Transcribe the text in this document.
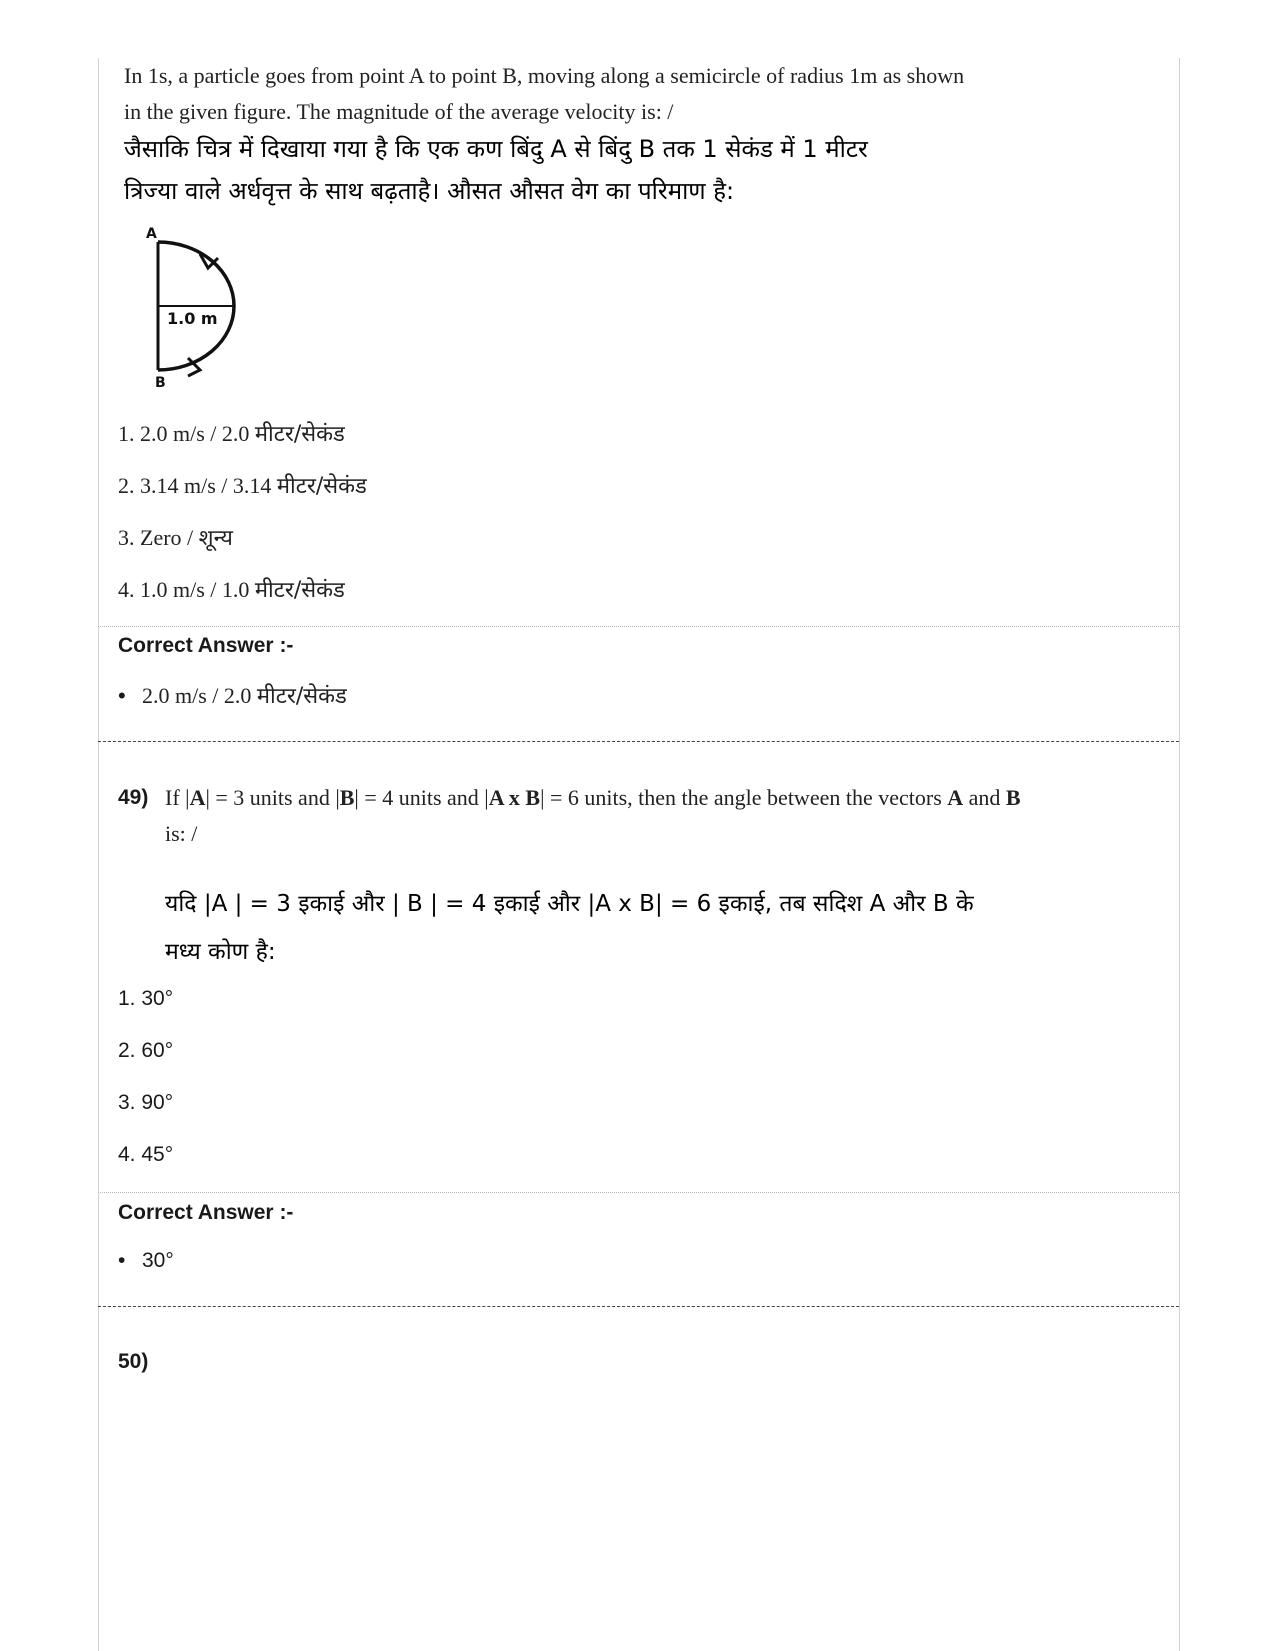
In 1s, a particle goes from point A to point B, moving along a semicircle of radius 1m as shown
in the given figure. The magnitude of the average velocity is: /
जैसाकि चित्र में दिखाया गया है कि एक कण बिंदु A से बिंदु B तक 1 सेकंड में 1 मीटर
त्रिज्या वाले अर्धवृत्त के साथ बढ़ताहै। औसत औसत वेग का परिमाण है:
A
B
1.0 m
1. 2.0 m/s / 2.0 मीटर/सेकंड
2. 3.14 m/s / 3.14 मीटर/सेकंड
3. Zero / शून्य
4. 1.0 m/s / 1.0 मीटर/सेकंड
Correct Answer :-
• 2.0 m/s / 2.0 मीटर/सेकंड
49) If |A| = 3 units and |B| = 4 units and |A x B| = 6 units, then the angle between the vectors A and B
is: /
यदि |A | = 3 इकाई और | B | = 4 इकाई और |A x B| = 6 इकाई, तब सदिश A और B के
मध्य कोण है:
1. 30°
2. 60°
3. 90°
4. 45°
Correct Answer :-
• 30°
50)
